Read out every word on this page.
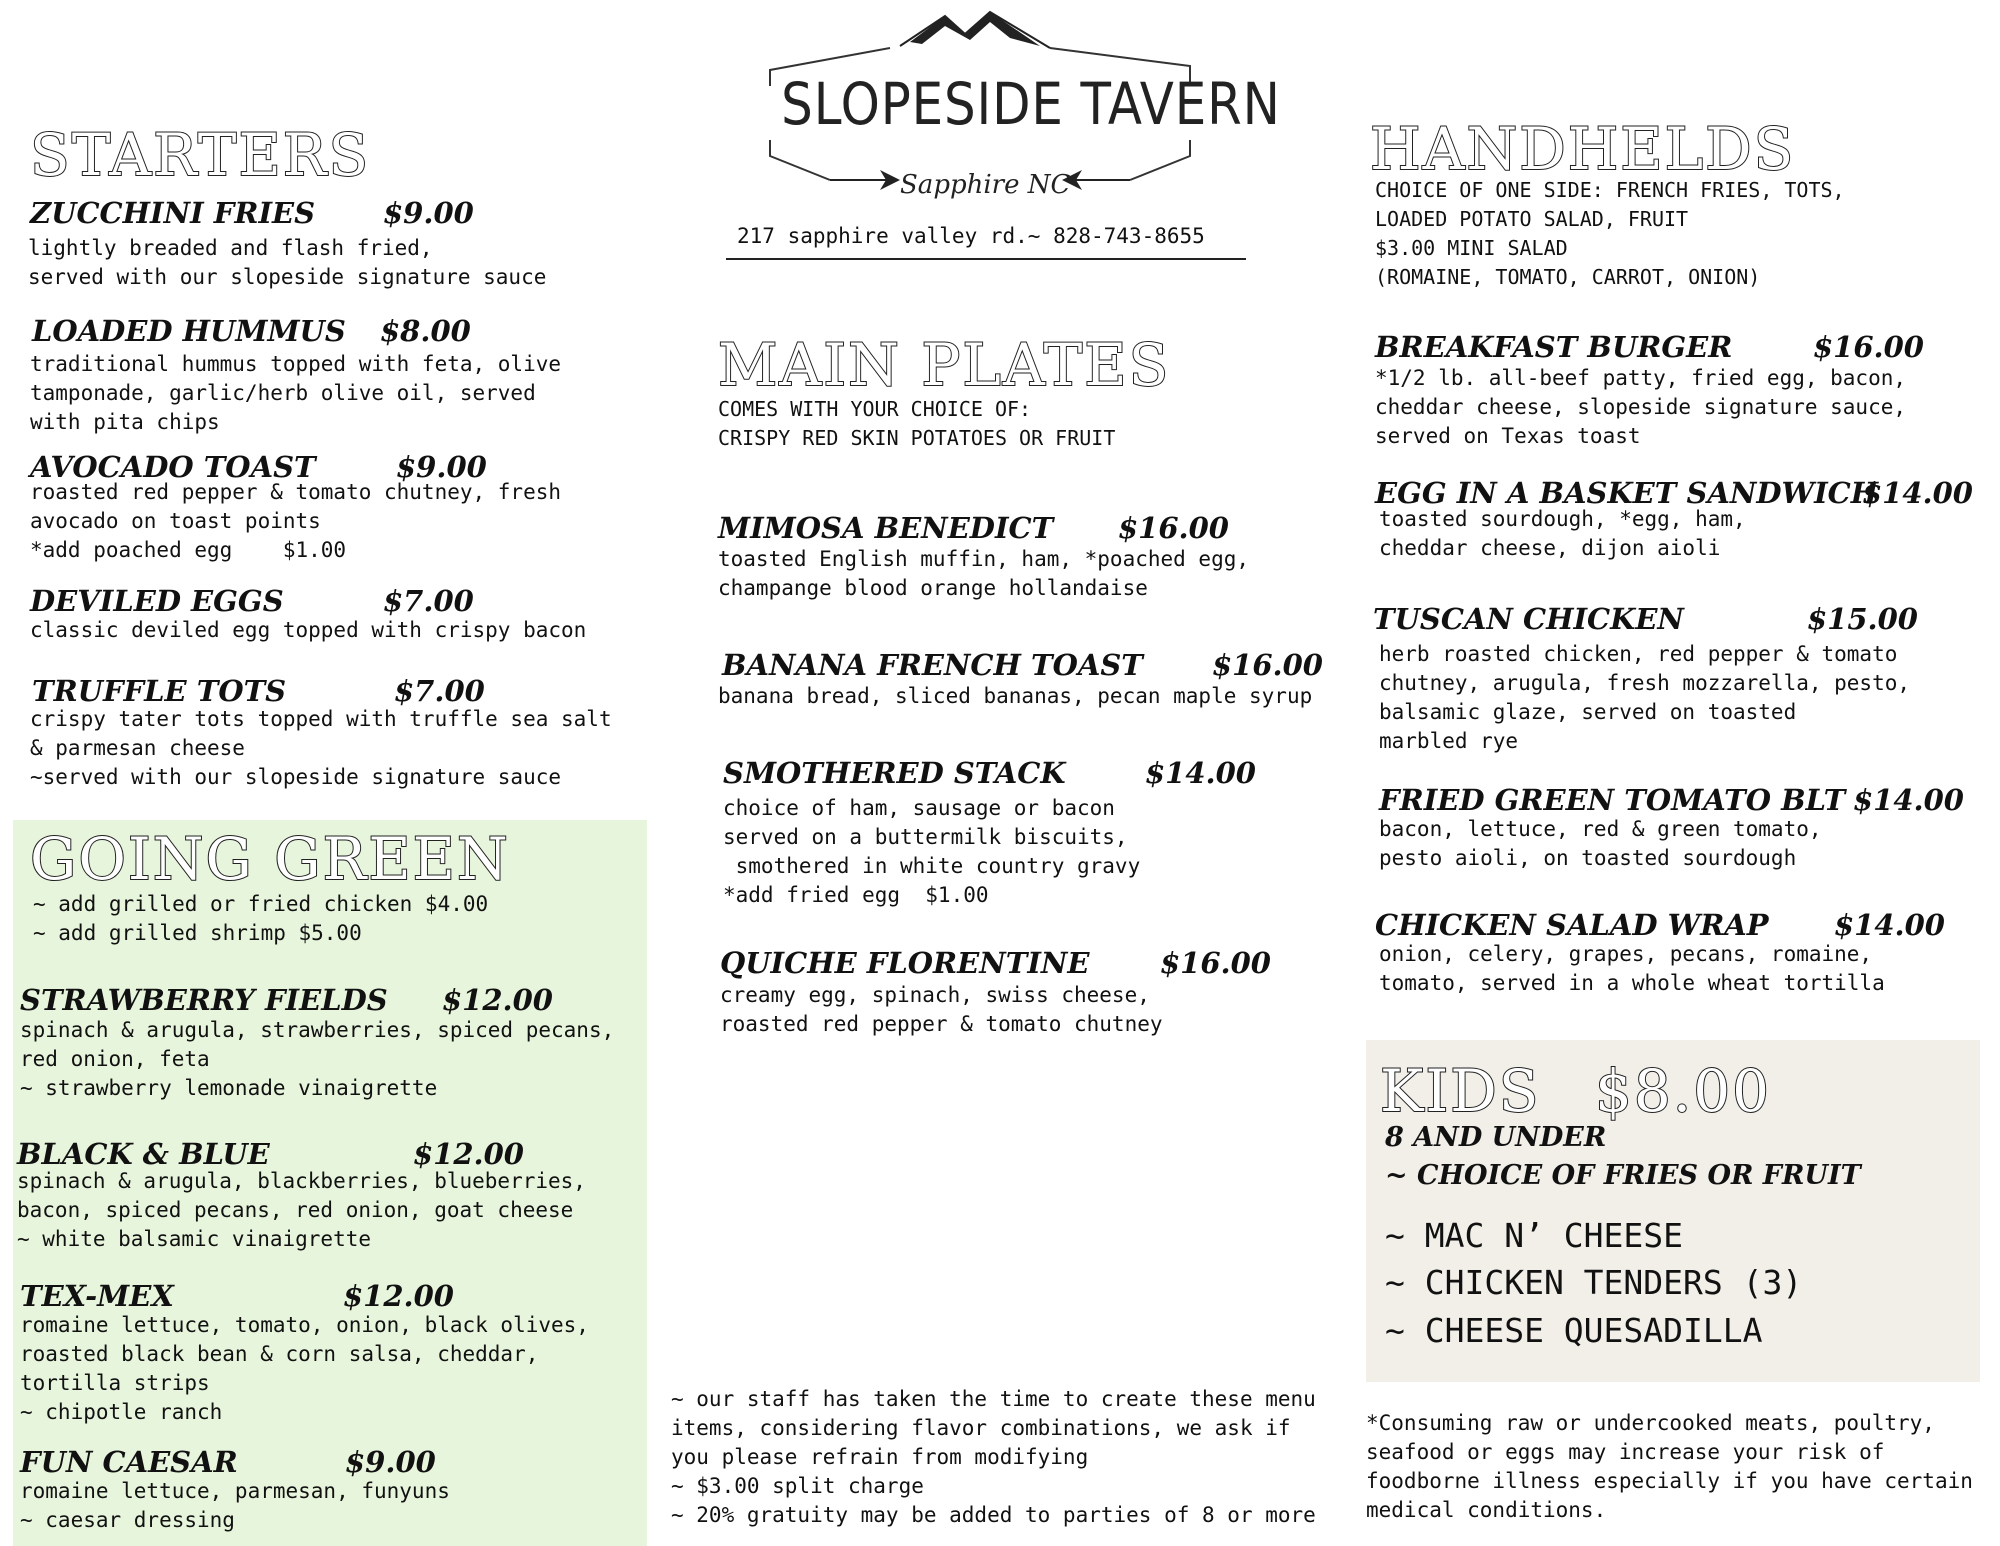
SLOPESIDE TAVERN
Sapphire NC
217 sapphire valley rd.~ 828-743-8655
STARTERS
ZUCCHINI FRIES $9.00
lightly breaded and flash fried,
served with our slopeside signature sauce
LOADED HUMMUS $8.00
traditional hummus topped with feta, olive
tamponade, garlic/herb olive oil, served
with pita chips
AVOCADO TOAST	$9.00
roasted red pepper & tomato chutney, fresh
avocado on toast points
*add poached egg    $1.00
DEVILED EGGS	$7.00
classic deviled egg topped with crispy bacon
TRUFFLE TOTS	$7.00
crispy tater tots topped with truffle sea salt
& parmesan cheese
~served with our slopeside signature sauce
GOING GREEN
~ add grilled or fried chicken $4.00
~ add grilled shrimp $5.00
STRAWBERRY FIELDS $12.00
spinach & arugula, strawberries, spiced pecans,
red onion, feta
~ strawberry lemonade vinaigrette
BLACK & BLUE	$12.00
spinach & arugula, blackberries, blueberries,
bacon, spiced pecans, red onion, goat cheese
~ white balsamic vinaigrette
TEX-MEX	$12.00
romaine lettuce, tomato, onion, black olives,
roasted black bean & corn salsa, cheddar,
tortilla strips
~ chipotle ranch
FUN CAESAR	$9.00
romaine lettuce, parmesan, funyuns
~ caesar dressing
MAIN PLATES
COMES WITH YOUR CHOICE OF:
CRISPY RED SKIN POTATOES OR FRUIT
MIMOSA BENEDICT $16.00
toasted English muffin, ham, *poached egg,
champange blood orange hollandaise
BANANA FRENCH TOAST $16.00
banana bread, sliced bananas, pecan maple syrup
SMOTHERED STACK	$14.00
choice of ham, sausage or bacon
served on a buttermilk biscuits,
smothered in white country gravy
*add fried egg  $1.00
QUICHE FLORENTINE $16.00
creamy egg, spinach, swiss cheese,
roasted red pepper & tomato chutney
~ our staff has taken the time to create these menu
items, considering flavor combinations, we ask if
you please refrain from modifying
~ $3.00 split charge
~ 20% gratuity may be added to parties of 8 or more
HANDHELDS
CHOICE OF ONE SIDE: FRENCH FRIES, TOTS,
LOADED POTATO SALAD, FRUIT
$3.00 MINI SALAD
(ROMAINE, TOMATO, CARROT, ONION)
BREAKFAST BURGER	$16.00
*1/2 lb. all-beef patty, fried egg, bacon,
cheddar cheese, slopeside signature sauce,
served on Texas toast
EGG IN A BASKET SANDWICH
$14.00
toasted sourdough, *egg, ham,
cheddar cheese, dijon aioli
TUSCAN CHICKEN	$15.00
herb roasted chicken, red pepper & tomato
chutney, arugula, fresh mozzarella, pesto,
balsamic glaze, served on toasted
marbled rye
FRIED GREEN TOMATO BLT $14.00
bacon, lettuce, red & green tomato,
pesto aioli, on toasted sourdough
CHICKEN SALAD WRAP $14.00
onion, celery, grapes, pecans, romaine,
tomato, served in a whole wheat tortilla
KIDS $8.00
8 AND UNDER
~ CHOICE OF FRIES OR FRUIT
~ MAC N’ CHEESE
~ CHICKEN TENDERS (3)
~ CHEESE QUESADILLA
*Consuming raw or undercooked meats, poultry,
seafood or eggs may increase your risk of
foodborne illness especially if you have certain
medical conditions.
